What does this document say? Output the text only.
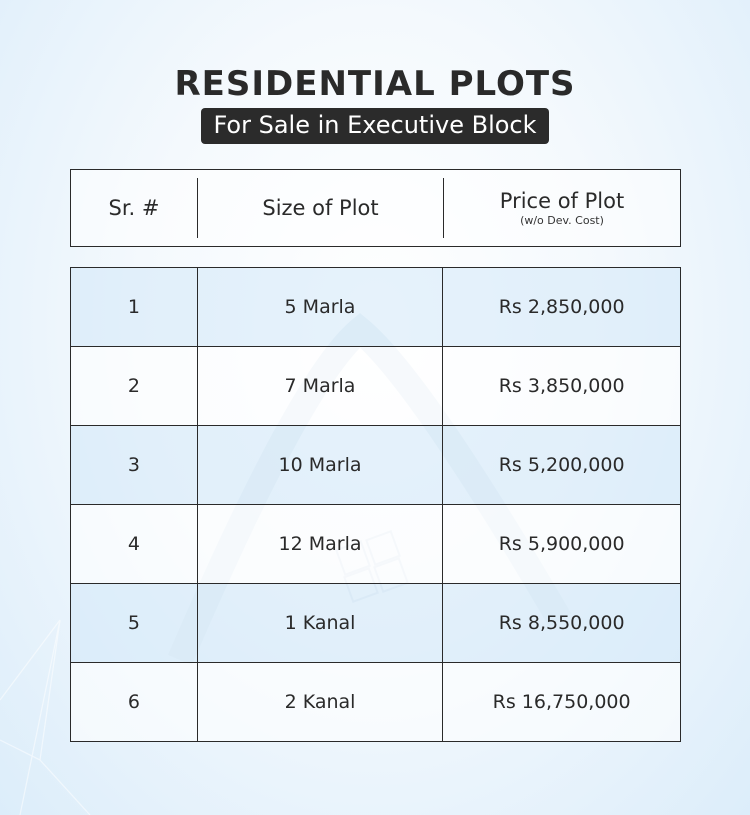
RESIDENTIAL PLOTS
For Sale in Executive Block
Sr. #	Size of Plot	Price of Plot
(w/o Dev. Cost)
1	5 Marla	Rs 2,850,000
2	7 Marla	Rs 3,850,000
3	10 Marla	Rs 5,200,000
4	12 Marla	Rs 5,900,000
5	1 Kanal	Rs 8,550,000
6	2 Kanal	Rs 16,750,000
